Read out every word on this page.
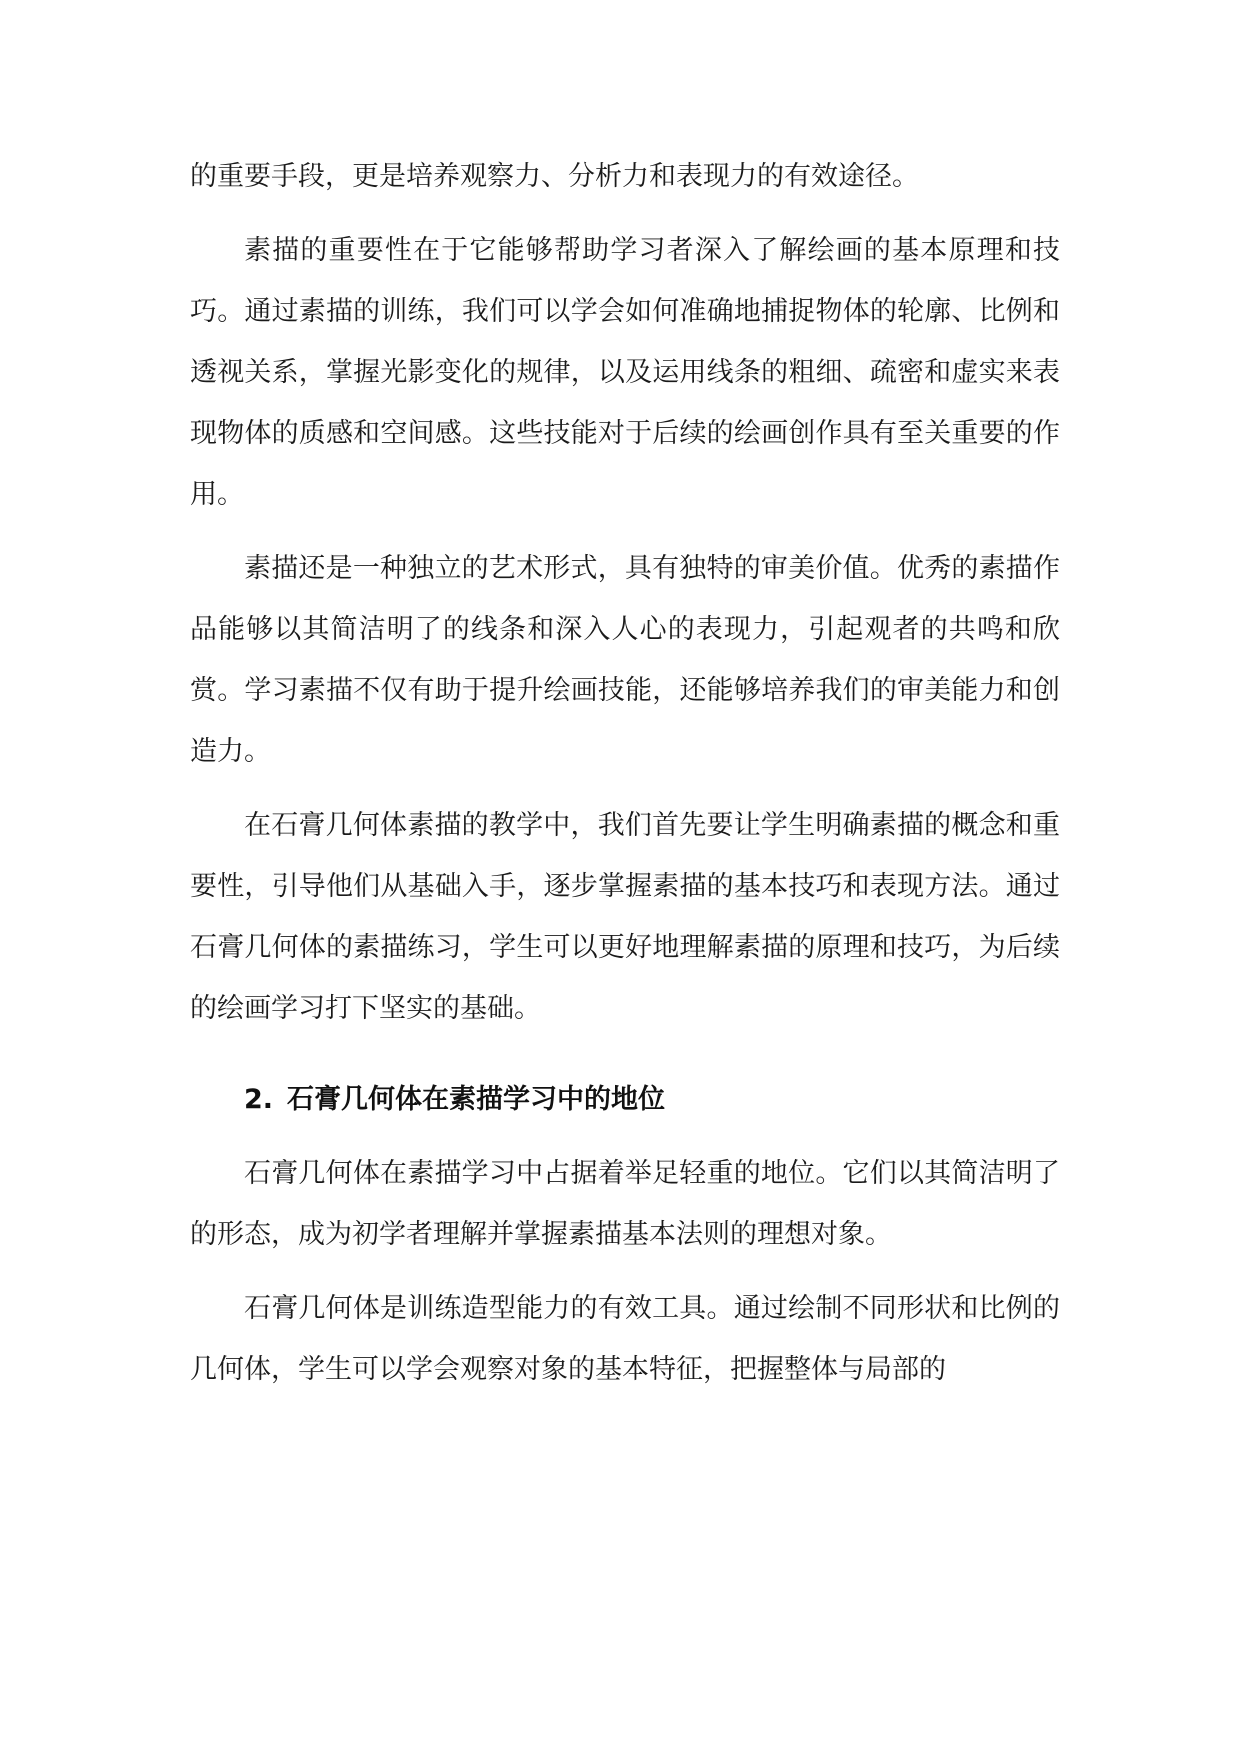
的重要手段，更是培养观察力、分析力和表现力的有效途径。

素描的重要性在于它能够帮助学习者深入了解绘画的基本原理和技巧。通过素描的训练，我们可以学会如何准确地捕捉物体的轮廓、比例和透视关系，掌握光影变化的规律，以及运用线条的粗细、疏密和虚实来表现物体的质感和空间感。这些技能对于后续的绘画创作具有至关重要的作用。

素描还是一种独立的艺术形式，具有独特的审美价值。优秀的素描作品能够以其简洁明了的线条和深入人心的表现力，引起观者的共鸣和欣赏。学习素描不仅有助于提升绘画技能，还能够培养我们的审美能力和创造力。

在石膏几何体素描的教学中，我们首先要让学生明确素描的概念和重要性，引导他们从基础入手，逐步掌握素描的基本技巧和表现方法。通过石膏几何体的素描练习，学生可以更好地理解素描的原理和技巧，为后续的绘画学习打下坚实的基础。

2. 石膏几何体在素描学习中的地位

石膏几何体在素描学习中占据着举足轻重的地位。它们以其简洁明了的形态，成为初学者理解并掌握素描基本法则的理想对象。

石膏几何体是训练造型能力的有效工具。通过绘制不同形状和比例的几何体，学生可以学会观察对象的基本特征，把握整体与局部的
